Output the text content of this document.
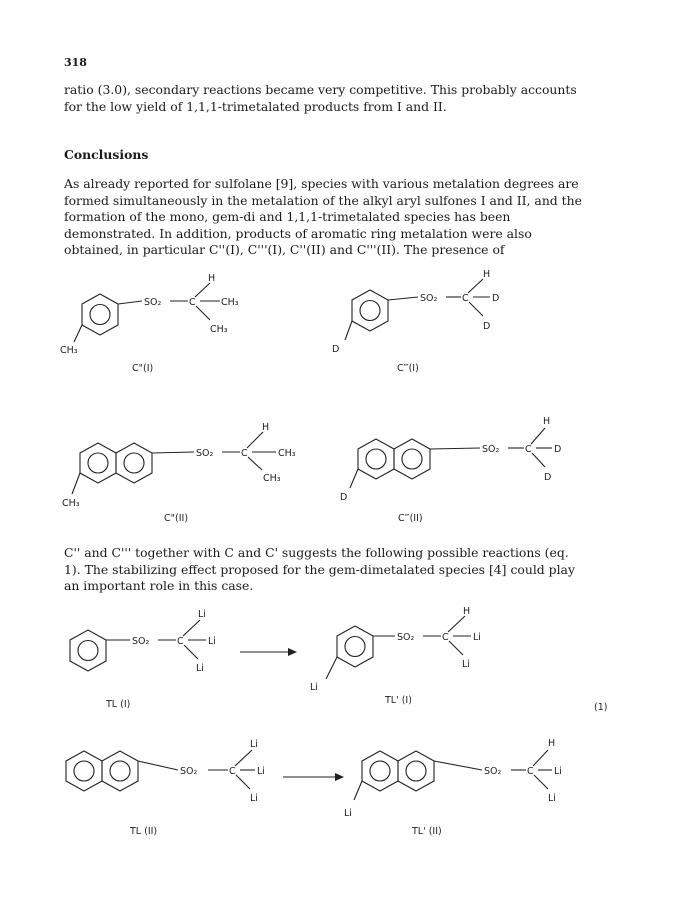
318
ratio (3.0), secondary reactions became very competitive. This probably accounts for the low yield of 1,1,1-trimetalated products from I and II.
Conclusions
As already reported for sulfolane [9], species with various metalation degrees are formed simultaneously in the metalation of the alkyl aryl sulfones I and II, and the formation of the mono, gem-di and 1,1,1-trimetalated species has been demonstrated. In addition, products of aromatic ring metalation were also obtained, in particular C''(I), C'''(I), C''(II) and C'''(II). The presence of
C'' and C''' together with C and C' suggests the following possible reactions (eq. 1). The stabilizing effect proposed for the gem-dimetalated species [4] could play an important role in this case.
SO₂	C
H
CH₃
CH₃
CH₃
C"(I)
SO₂	C
H
D
D
D
C‴(I)
SO₂	C
H
CH₃
CH₃
CH₃
C"(II)
SO₂	C
H
D
D
D
C‴(II)
SO₂	C
Li
Li
Li
TL (I)
SO₂	C
H
Li
Li
Li
TL' (I)
(1)
SO₂	C
Li
Li
Li
TL (II)
SO₂	C
H
Li
Li
Li
TL' (II)
